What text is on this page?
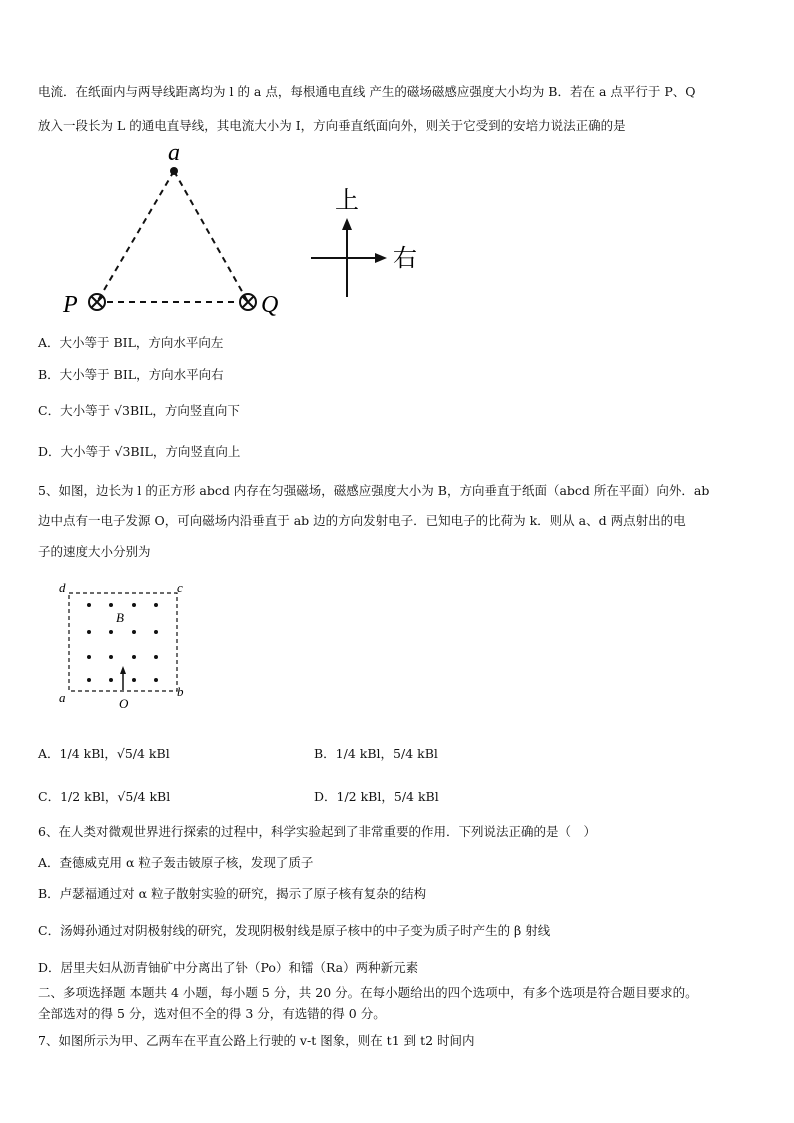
电流．在纸面内与两导线距离均为 l 的 a 点，每根通电直线 产生的磁场磁感应强度大小均为 B．若在 a 点平行于 P、Q
放入一段长为 L 的通电直导线，其电流大小为 I，方向垂直纸面向外，则关于它受到的安培力说法正确的是
a
P	Q
上
右
A．大小等于 BIL，方向水平向左
B．大小等于 BIL，方向水平向右
C．大小等于 √3BIL，方向竖直向下
D．大小等于 √3BIL，方向竖直向上
5、如图，边长为 l 的正方形 abcd 内存在匀强磁场，磁感应强度大小为 B，方向垂直于纸面（abcd 所在平面）向外．ab
边中点有一电子发源 O，可向磁场内沿垂直于 ab 边的方向发射电子．已知电子的比荷为 k．则从 a、d 两点射出的电
子的速度大小分别为
d	c
a	b
B
O
A．1/4 kBl，√5/4 kBl	B．1/4 kBl，5/4 kBl
C．1/2 kBl，√5/4 kBl	D．1/2 kBl，5/4 kBl
6、在人类对微观世界进行探索的过程中，科学实验起到了非常重要的作用．下列说法正确的是（　）
A．查德威克用 α 粒子轰击铍原子核，发现了质子
B．卢瑟福通过对 α 粒子散射实验的研究，揭示了原子核有复杂的结构
C．汤姆孙通过对阴极射线的研究，发现阴极射线是原子核中的中子变为质子时产生的 β 射线
D．居里夫妇从沥青铀矿中分离出了钋（Po）和镭（Ra）两种新元素
二、多项选择题 本题共 4 小题，每小题 5 分，共 20 分。在每小题给出的四个选项中，有多个选项是符合题目要求的。
全部选对的得 5 分，选对但不全的得 3 分，有选错的得 0 分。
7、如图所示为甲、乙两车在平直公路上行驶的 v-t 图象，则在 t1 到 t2 时间内
